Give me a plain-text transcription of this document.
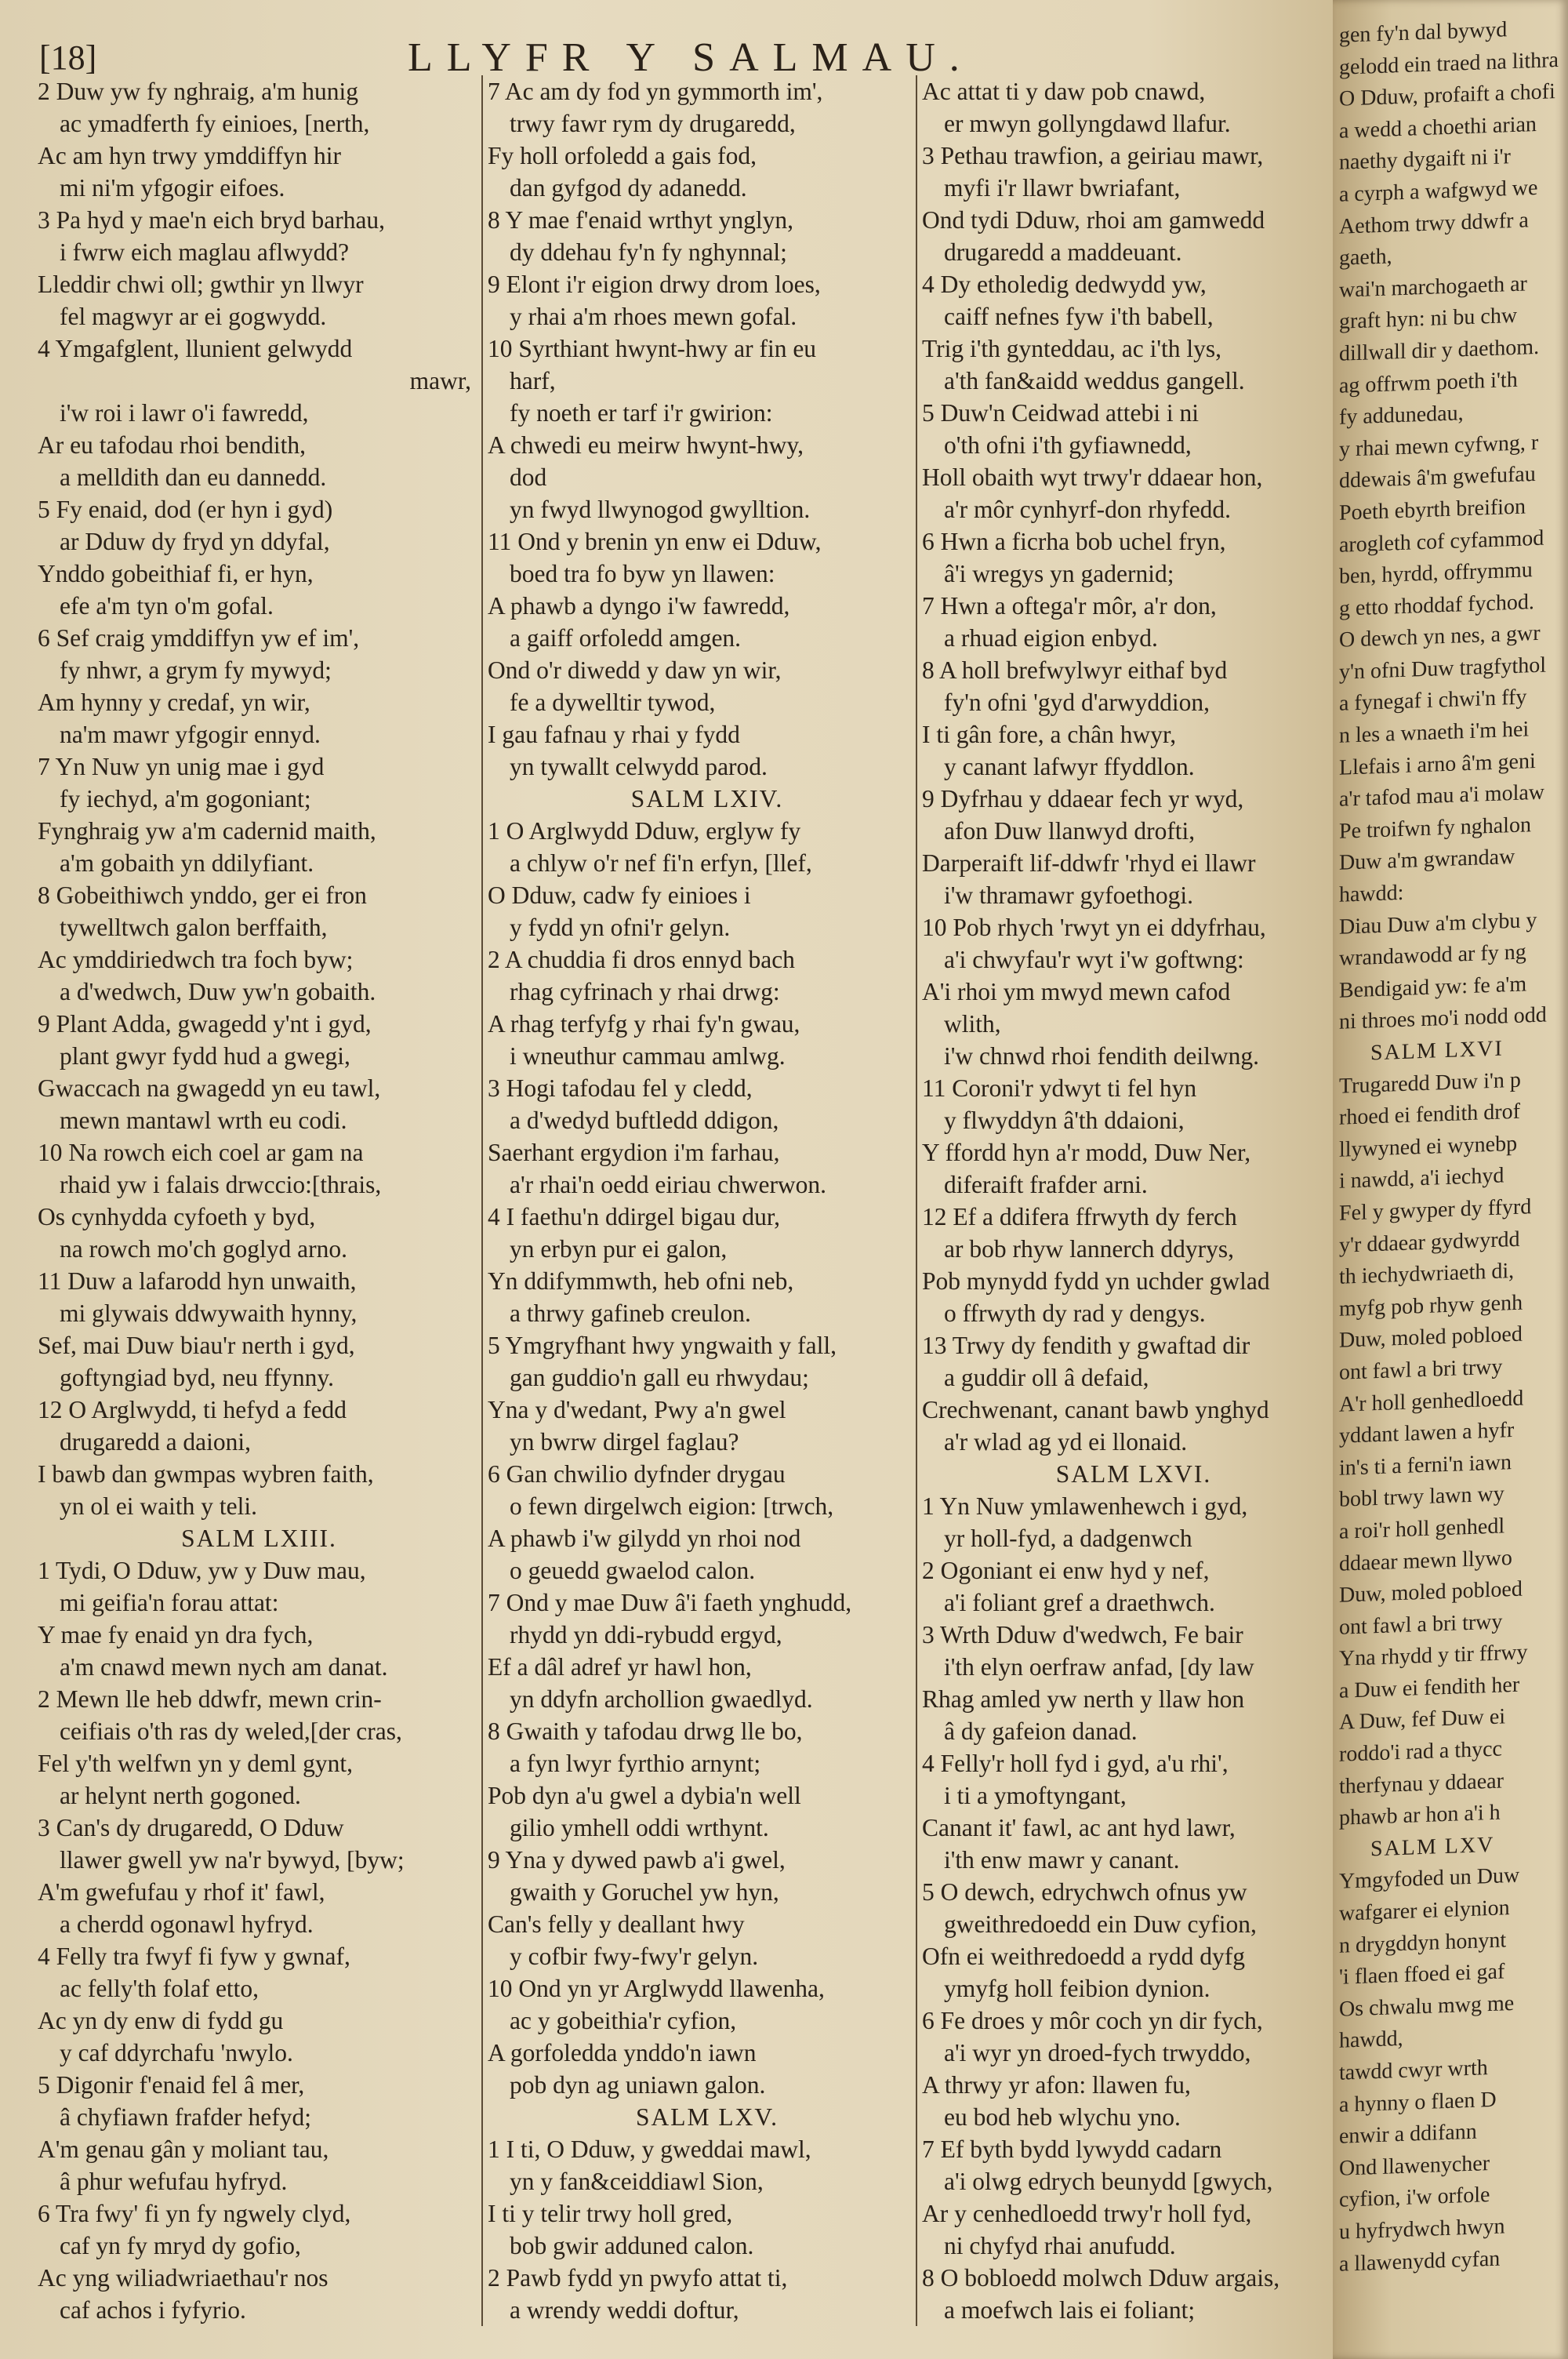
[18]	LLYFR Y SALMAU.
2 Duw yw fy nghraig, a'm hunig
ac ymadferth fy einioes, [nerth,
Ac am hyn trwy ymddiffyn hir
mi ni'm yfgogir eifoes.
3 Pa hyd y mae'n eich bryd barhau,
i fwrw eich maglau aflwydd?
Lleddir chwi oll; gwthir yn llwyr
fel magwyr ar ei gogwydd.
4 Ymgafglent, llunient gelwydd
mawr,
i'w roi i lawr o'i fawredd,
Ar eu tafodau rhoi bendith,
a melldith dan eu dannedd.
5 Fy enaid, dod (er hyn i gyd)
ar Dduw dy fryd yn ddyfal,
Ynddo gobeithiaf fi, er hyn,
efe a'm tyn o'm gofal.
6 Sef craig ymddiffyn yw ef im',
fy nhwr, a grym fy mywyd;
Am hynny y credaf, yn wir,
na'm mawr yfgogir ennyd.
7 Yn Nuw yn unig mae i gyd
fy iechyd, a'm gogoniant;
Fynghraig yw a'm cadernid maith,
a'm gobaith yn ddilyfiant.
8 Gobeithiwch ynddo, ger ei fron
tywelltwch galon berffaith,
Ac ymddiriedwch tra foch byw;
a d'wedwch, Duw yw'n gobaith.
9 Plant Adda, gwagedd y'nt i gyd,
plant gwyr fydd hud a gwegi,
Gwaccach na gwagedd yn eu tawl,
mewn mantawl wrth eu codi.
10 Na rowch eich coel ar gam na
rhaid yw i falais drwccio:[thrais,
Os cynhydda cyfoeth y byd,
na rowch mo'ch goglyd arno.
11 Duw a lafarodd hyn unwaith,
mi glywais ddwywaith hynny,
Sef, mai Duw biau'r nerth i gyd,
goftyngiad byd, neu ffynny.
12 O Arglwydd, ti hefyd a fedd
drugaredd a daioni,
I bawb dan gwmpas wybren faith,
yn ol ei waith y teli.
SALM LXIII.
1 Tydi, O Dduw, yw y Duw mau,
mi geifia'n forau attat:
Y mae fy enaid yn dra fych,
a'm cnawd mewn nych am danat.
2 Mewn lle heb ddwfr, mewn crin-
ceifiais o'th ras dy weled,[der cras,
Fel y'th welfwn yn y deml gynt,
ar helynt nerth gogoned.
3 Can's dy drugaredd, O Dduw
llawer gwell yw na'r bywyd, [byw;
A'm gwefufau y rhof it' fawl,
a cherdd ogonawl hyfryd.
4 Felly tra fwyf fi fyw y gwnaf,
ac felly'th folaf etto,
Ac yn dy enw di fydd gu
y caf ddyrchafu 'nwylo.
5 Digonir f'enaid fel â mer,
â chyfiawn frafder hefyd;
A'm genau gân y moliant tau,
â phur wefufau hyfryd.
6 Tra fwy' fi yn fy ngwely clyd,
caf yn fy mryd dy gofio,
Ac yng wiliadwriaethau'r nos
caf achos i fyfyrio.
7 Ac am dy fod yn gymmorth im',
trwy fawr rym dy drugaredd,
Fy holl orfoledd a gais fod,
dan gyfgod dy adanedd.
8 Y mae f'enaid wrthyt ynglyn,
dy ddehau fy'n fy nghynnal;
9 Elont i'r eigion drwy drom loes,
y rhai a'm rhoes mewn gofal.
10 Syrthiant hwynt-hwy ar fin eu
harf,
fy noeth er tarf i'r gwirion:
A chwedi eu meirw hwynt-hwy,
dod
yn fwyd llwynogod gwylltion.
11 Ond y brenin yn enw ei Dduw,
boed tra fo byw yn llawen:
A phawb a dyngo i'w fawredd,
a gaiff orfoledd amgen.
Ond o'r diwedd y daw yn wir,
fe a dywelltir tywod,
I gau fafnau y rhai y fydd
yn tywallt celwydd parod.
SALM LXIV.
1 O Arglwydd Dduw, erglyw fy
a chlyw o'r nef fi'n erfyn, [llef,
O Dduw, cadw fy einioes i
y fydd yn ofni'r gelyn.
2 A chuddia fi dros ennyd bach
rhag cyfrinach y rhai drwg:
A rhag terfyfg y rhai fy'n gwau,
i wneuthur cammau amlwg.
3 Hogi tafodau fel y cledd,
a d'wedyd buftledd ddigon,
Saerhant ergydion i'm farhau,
a'r rhai'n oedd eiriau chwerwon.
4 I faethu'n ddirgel bigau dur,
yn erbyn pur ei galon,
Yn ddifymmwth, heb ofni neb,
a thrwy gafineb creulon.
5 Ymgryfhant hwy yngwaith y fall,
gan guddio'n gall eu rhwydau;
Yna y d'wedant, Pwy a'n gwel
yn bwrw dirgel faglau?
6 Gan chwilio dyfnder drygau
o fewn dirgelwch eigion: [trwch,
A phawb i'w gilydd yn rhoi nod
o geuedd gwaelod calon.
7 Ond y mae Duw â'i faeth ynghudd,
rhydd yn ddi-rybudd ergyd,
Ef a dâl adref yr hawl hon,
yn ddyfn archollion gwaedlyd.
8 Gwaith y tafodau drwg lle bo,
a fyn lwyr fyrthio arnynt;
Pob dyn a'u gwel a dybia'n well
gilio ymhell oddi wrthynt.
9 Yna y dywed pawb a'i gwel,
gwaith y Goruchel yw hyn,
Can's felly y deallant hwy
y cofbir fwy-fwy'r gelyn.
10 Ond yn yr Arglwydd llawenha,
ac y gobeithia'r cyfion,
A gorfoledda ynddo'n iawn
pob dyn ag uniawn galon.
SALM LXV.
1 I ti, O Dduw, y gweddai mawl,
yn y fan&ceiddiawl Sion,
I ti y telir trwy holl gred,
bob gwir adduned calon.
2 Pawb fydd yn pwyfo attat ti,
a wrendy weddi doftur,
Ac attat ti y daw pob cnawd,
er mwyn gollyngdawd llafur.
3 Pethau trawfion, a geiriau mawr,
myfi i'r llawr bwriafant,
Ond tydi Dduw, rhoi am gamwedd
drugaredd a maddeuant.
4 Dy etholedig dedwydd yw,
caiff nefnes fyw i'th babell,
Trig i'th gynteddau, ac i'th lys,
a'th fan&aidd weddus gangell.
5 Duw'n Ceidwad attebi i ni
o'th ofni i'th gyfiawnedd,
Holl obaith wyt trwy'r ddaear hon,
a'r môr cynhyrf-don rhyfedd.
6 Hwn a ficrha bob uchel fryn,
â'i wregys yn gadernid;
7 Hwn a oftega'r môr, a'r don,
a rhuad eigion enbyd.
8 A holl brefwylwyr eithaf byd
fy'n ofni 'gyd d'arwyddion,
I ti gân fore, a chân hwyr,
y canant lafwyr ffyddlon.
9 Dyfrhau y ddaear fech yr wyd,
afon Duw llanwyd drofti,
Darperaift lif-ddwfr 'rhyd ei llawr
i'w thramawr gyfoethogi.
10 Pob rhych 'rwyt yn ei ddyfrhau,
a'i chwyfau'r wyt i'w goftwng:
A'i rhoi ym mwyd mewn cafod
wlith,
i'w chnwd rhoi fendith deilwng.
11 Coroni'r ydwyt ti fel hyn
y flwyddyn â'th ddaioni,
Y ffordd hyn a'r modd, Duw Ner,
diferaift frafder arni.
12 Ef a ddifera ffrwyth dy ferch
ar bob rhyw lannerch ddyrys,
Pob mynydd fydd yn uchder gwlad
o ffrwyth dy rad y dengys.
13 Trwy dy fendith y gwaftad dir
a guddir oll â defaid,
Crechwenant, canant bawb ynghyd
a'r wlad ag yd ei llonaid.
SALM LXVI.
1 Yn Nuw ymlawenhewch i gyd,
yr holl-fyd, a dadgenwch
2 Ogoniant ei enw hyd y nef,
a'i foliant gref a draethwch.
3 Wrth Dduw d'wedwch, Fe bair
i'th elyn oerfraw anfad, [dy law
Rhag amled yw nerth y llaw hon
â dy gafeion danad.
4 Felly'r holl fyd i gyd, a'u rhi',
i ti a ymoftyngant,
Canant it' fawl, ac ant hyd lawr,
i'th enw mawr y canant.
5 O dewch, edrychwch ofnus yw
gweithredoedd ein Duw cyfion,
Ofn ei weithredoedd a rydd dyfg
ymyfg holl feibion dynion.
6 Fe droes y môr coch yn dir fych,
a'i wyr yn droed-fych trwyddo,
A thrwy yr afon: llawen fu,
eu bod heb wlychu yno.
7 Ef byth bydd lywydd cadarn
a'i olwg edrych beunydd [gwych,
Ar y cenhedloedd trwy'r holl fyd,
ni chyfyd rhai anufudd.
8 O bobloedd molwch Dduw argais,
a moefwch lais ei foliant;
gen fy'n dal bywyd
gelodd ein traed na lithra
O Dduw, profaift a chofi
a wedd a choethi arian
naethy dygaift ni i'r
a cyrph a wafgwyd we
Aethom trwy ddwfr a
gaeth,
wai'n marchogaeth ar
graft hyn: ni bu chw
dillwall dir y daethom.
ag offrwm poeth i'th
fy addunedau,
y rhai mewn cyfwng, r
ddewais â'm gwefufau
Poeth ebyrth breifion
arogleth cof cyfammod
ben, hyrdd, offrymmu
g etto rhoddaf fychod.
O dewch yn nes, a gwr
y'n ofni Duw tragfythol
a fynegaf i chwi'n ffy
n les a wnaeth i'm hei
Llefais i arno â'm geni
a'r tafod mau a'i molaw
Pe troifwn fy nghalon
Duw a'm gwrandaw
hawdd:
Diau Duw a'm clybu y
wrandawodd ar fy ng
Bendigaid yw: fe a'm
ni throes mo'i nodd odd
SALM LXVI
Trugaredd Duw i'n p
rhoed ei fendith drof
llywyned ei wynebp
i nawdd, a'i iechyd
Fel y gwyper dy ffyrd
y'r ddaear gydwyrdd
th iechydwriaeth di,
myfg pob rhyw genh
Duw, moled pobloed
ont fawl a bri trwy
A'r holl genhedloedd
yddant lawen a hyfr
in's ti a ferni'n iawn
bobl trwy lawn wy
a roi'r holl genhedl
ddaear mewn llywo
Duw, moled pobloed
ont fawl a bri trwy
Yna rhydd y tir ffrwy
a Duw ei fendith her
A Duw, fef Duw ei
roddo'i rad a thycc
therfynau y ddaear
phawb ar hon a'i h
SALM LXV
Ymgyfoded un Duw
wafgarer ei elynion
n drygddyn honynt
'i flaen ffoed ei gaf
Os chwalu mwg me
hawdd,
tawdd cwyr wrth
a hynny o flaen D
enwir a ddifann
Ond llawenycher
cyfion, i'w orfole
u hyfrydwch hwyn
a llawenydd cyfan
